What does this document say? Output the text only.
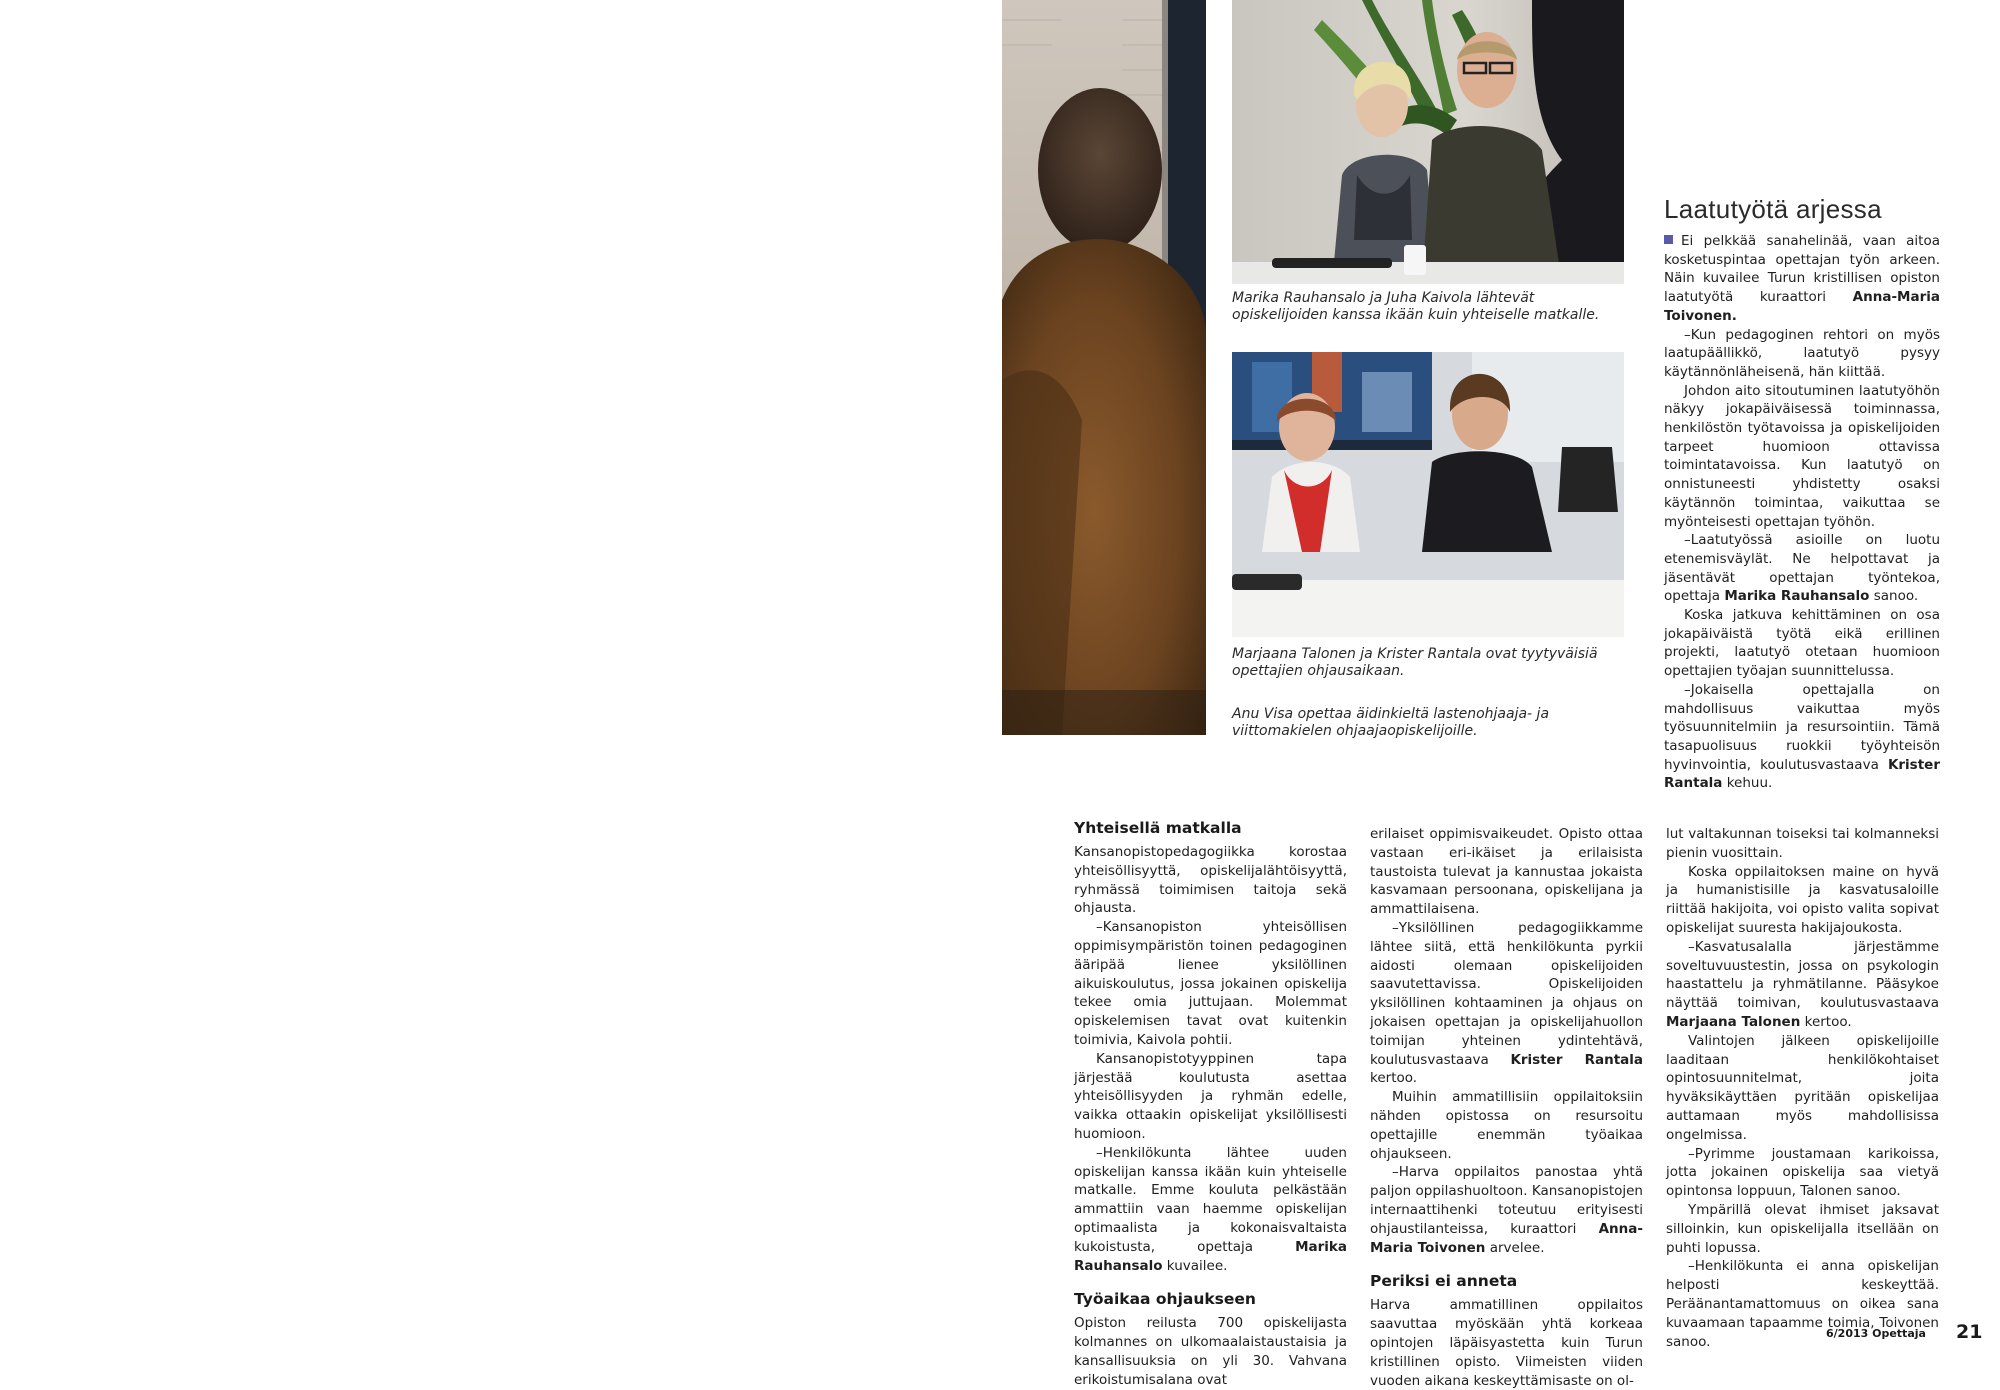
Marika Rauhansalo ja Juha Kaivola lähtevät opiskelijoiden kanssa ikään kuin yhteiselle matkalle.
Marjaana Talonen ja Krister Rantala ovat tyytyväisiä opettajien ohjausaikaan.
Anu Visa opettaa äidinkieltä lastenohjaaja- ja viittomakielen ohjaajaopiskelijoille.
Laatutyötä arjessa

Ei pelkkää sanahelinää, vaan aitoa kosketuspintaa opettajan työn arkeen. Näin kuvailee Turun kristillisen opiston laatutyötä kuraattori Anna-Maria Toivonen.

–Kun pedagoginen rehtori on myös laatupäällikkö, laatutyö pysyy käytännönläheisenä, hän kiittää.

Johdon aito sitoutuminen laatutyöhön näkyy jokapäiväisessä toiminnassa, henkilöstön työtavoissa ja opiskelijoiden tarpeet huomioon ottavissa toimintatavoissa. Kun laatutyö on onnistuneesti yhdistetty osaksi käytännön toimintaa, vaikuttaa se myönteisesti opettajan työhön.

–Laatutyössä asioille on luotu etenemisväylät. Ne helpottavat ja jäsentävät opettajan työntekoa, opettaja Marika Rauhansalo sanoo.

Koska jatkuva kehittäminen on osa jokapäiväistä työtä eikä erillinen projekti, laatutyö otetaan huomioon opettajien työajan suunnittelussa.

–Jokaisella opettajalla on mahdollisuus vaikuttaa myös työsuunnitelmiin ja resursointiin. Tämä tasapuolisuus ruokkii työyhteisön hyvinvointia, koulutusvastaava Krister Rantala kehuu.

Yhteisellä matkalla

Kansanopistopedagogiikka korostaa yhteisöllisyyttä, opiskelijalähtöisyyttä, ryhmässä toimimisen taitoja sekä ohjausta.

–Kansanopiston yhteisöllisen oppimisympäristön toinen pedagoginen ääripää lienee yksilöllinen aikuiskoulutus, jossa jokainen opiskelija tekee omia juttujaan. Molemmat opiskelemisen tavat ovat kuitenkin toimivia, Kaivola pohtii.

Kansanopistotyyppinen tapa järjestää koulutusta asettaa yhteisöllisyyden ja ryhmän edelle, vaikka ottaakin opiskelijat yksilöllisesti huomioon.

–Henkilökunta lähtee uuden opiskelijan kanssa ikään kuin yhteiselle matkalle. Emme kouluta pelkästään ammattiin vaan haemme opiskelijan optimaalista ja kokonaisvaltaista kukoistusta, opettaja Marika Rauhansalo kuvailee.

Työaikaa ohjaukseen

Opiston reilusta 700 opiskelijasta kolmannes on ulkomaalaistaustaisia ja kansallisuuksia on yli 30. Vahvana erikoistumisalana ovat

erilaiset oppimisvaikeudet. Opisto ottaa vastaan eri-ikäiset ja erilaisista taustoista tulevat ja kannustaa jokaista kasvamaan persoonana, opiskelijana ja ammattilaisena.

–Yksilöllinen pedagogiikkamme lähtee siitä, että henkilökunta pyrkii aidosti olemaan opiskelijoiden saavutettavissa. Opiskelijoiden yksilöllinen kohtaaminen ja ohjaus on jokaisen opettajan ja opiskelijahuollon toimijan yhteinen ydintehtävä, koulutusvastaava Krister Rantala kertoo.

Muihin ammatillisiin oppilaitoksiin nähden opistossa on resursoitu opettajille enemmän työaikaa ohjaukseen.

–Harva oppilaitos panostaa yhtä paljon oppilashuoltoon. Kansanopistojen internaattihenki toteutuu erityisesti ohjaustilanteissa, kuraattori Anna-Maria Toivonen arvelee.

Periksi ei anneta

Harva ammatillinen oppilaitos saavuttaa myöskään yhtä korkeaa opintojen läpäisyastetta kuin Turun kristillinen opisto. Viimeisten viiden vuoden aikana keskeyttämisaste on ol-

lut valtakunnan toiseksi tai kolmanneksi pienin vuosittain.

Koska oppilaitoksen maine on hyvä ja humanistisille ja kasvatusaloille riittää hakijoita, voi opisto valita sopivat opiskelijat suuresta hakijajoukosta.

–Kasvatusalalla järjestämme soveltuvuustestin, jossa on psykologin haastattelu ja ryhmätilanne. Pääsykoe näyttää toimivan, koulutusvastaava Marjaana Talonen kertoo.

Valintojen jälkeen opiskelijoille laaditaan henkilökohtaiset opintosuunnitelmat, joita hyväksikäyttäen pyritään opiskelijaa auttamaan myös mahdollisissa ongelmissa.

–Pyrimme joustamaan karikoissa, jotta jokainen opiskelija saa vietyä opintonsa loppuun, Talonen sanoo.

Ympärillä olevat ihmiset jaksavat silloinkin, kun opiskelijalla itsellään on puhti lopussa.

–Henkilökunta ei anna opiskelijan helposti keskeyttää. Peräänantamattomuus on oikea sana kuvaamaan tapaamme toimia, Toivonen sanoo.

6/2013 Opettaja 21
